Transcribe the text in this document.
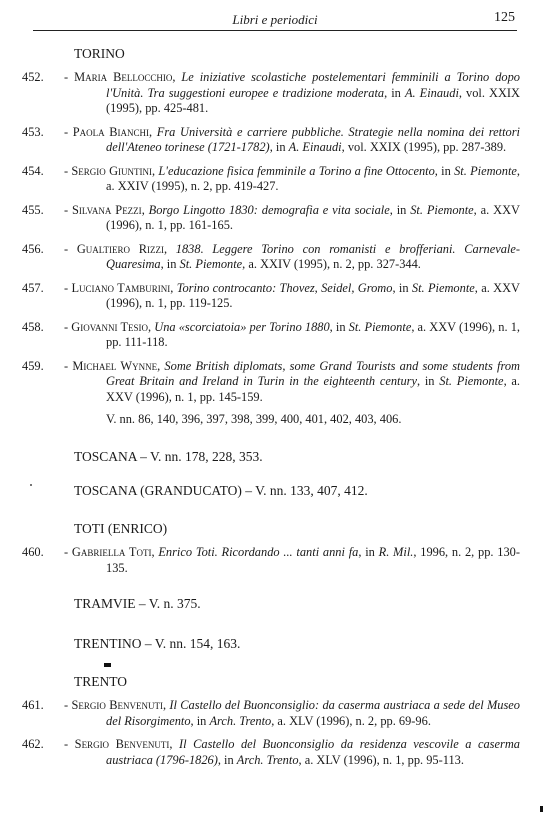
Libri e periodici	125
TORINO
452. - Maria Bellocchio, Le iniziative scolastiche postelementari femminili a Torino dopo l'Unità. Tra suggestioni europee e tradizione moderata, in A. Einaudi, vol. XXIX (1995), pp. 425-481.
453. - Paola Bianchi, Fra Università e carriere pubbliche. Strategie nella nomina dei rettori dell'Ateneo torinese (1721-1782), in A. Einaudi, vol. XXIX (1995), pp. 287-389.
454. - Sergio Giuntini, L'educazione fisica femminile a Torino a fine Ottocento, in St. Piemonte, a. XXIV (1995), n. 2, pp. 419-427.
455. - Silvana Pezzi, Borgo Lingotto 1830: demografia e vita sociale, in St. Piemonte, a. XXV (1996), n. 1, pp. 161-165.
456. - Gualtiero Rizzi, 1838. Leggere Torino con romanisti e brofferiani. Carnevale-Quaresima, in St. Piemonte, a. XXIV (1995), n. 2, pp. 327-344.
457. - Luciano Tamburini, Torino controcanto: Thovez, Seidel, Gromo, in St. Piemonte, a. XXV (1996), n. 1, pp. 119-125.
458. - Giovanni Tesio, Una «scorciatoia» per Torino 1880, in St. Piemonte, a. XXV (1996), n. 1, pp. 111-118.
459. - Michael Wynne, Some British diplomats, some Grand Tourists and some students from Great Britain and Ireland in Turin in the eighteenth century, in St. Piemonte, a. XXV (1996), n. 1, pp. 145-159.
V. nn. 86, 140, 396, 397, 398, 399, 400, 401, 402, 403, 406.
TOSCANA – V. nn. 178, 228, 353.
TOSCANA (GRANDUCATO) – V. nn. 133, 407, 412.
TOTI (ENRICO)
460. - Gabriella Toti, Enrico Toti. Ricordando ... tanti anni fa, in R. Mil., 1996, n. 2, pp. 130-135.
TRAMVIE – V. n. 375.
TRENTINO – V. nn. 154, 163.
TRENTO
461. - Sergio Benvenuti, Il Castello del Buonconsiglio: da caserma austriaca a sede del Museo del Risorgimento, in Arch. Trento, a. XLV (1996), n. 2, pp. 69-96.
462. - Sergio Benvenuti, Il Castello del Buonconsiglio da residenza vescovile a caserma austriaca (1796-1826), in Arch. Trento, a. XLV (1996), n. 1, pp. 95-113.
